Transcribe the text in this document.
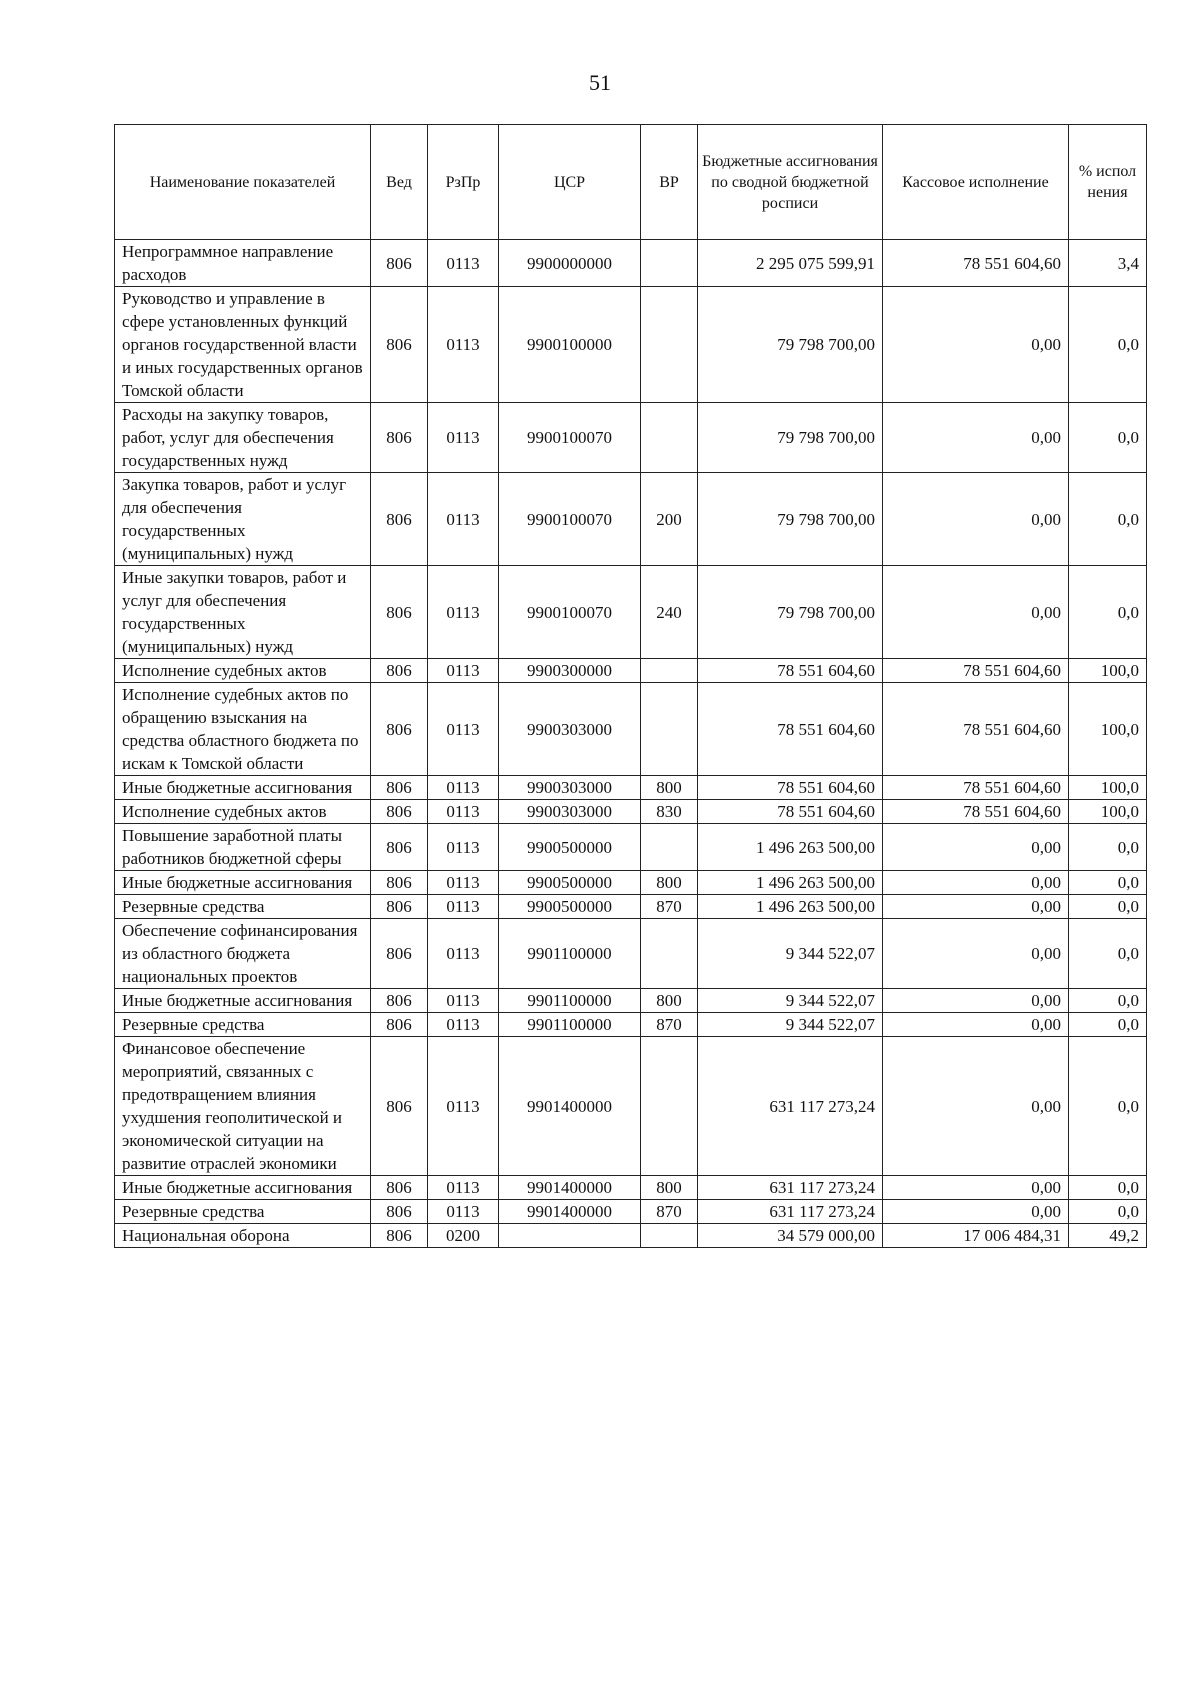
51
Наименование показателей	Вед	РзПр	ЦСР	ВР	Бюджетные ассигнования по сводной бюджетной росписи	Кассовое исполнение	% испол нения
Непрограммное направление расходов	806	0113	9900000000		2 295 075 599,91	78 551 604,60	3,4
Руководство и управление в сфере установленных функций органов государственной власти и иных государственных органов Томской области	806	0113	9900100000		79 798 700,00	0,00	0,0
Расходы на закупку товаров, работ, услуг для обеспечения государственных нужд	806	0113	9900100070		79 798 700,00	0,00	0,0
Закупка товаров, работ и услуг для обеспечения государственных (муниципальных) нужд	806	0113	9900100070	200	79 798 700,00	0,00	0,0
Иные закупки товаров, работ и услуг для обеспечения государственных (муниципальных) нужд	806	0113	9900100070	240	79 798 700,00	0,00	0,0
Исполнение судебных актов	806	0113	9900300000		78 551 604,60	78 551 604,60	100,0
Исполнение судебных актов по обращению взыскания на средства областного бюджета по искам к Томской области	806	0113	9900303000		78 551 604,60	78 551 604,60	100,0
Иные бюджетные ассигнования	806	0113	9900303000	800	78 551 604,60	78 551 604,60	100,0
Исполнение судебных актов	806	0113	9900303000	830	78 551 604,60	78 551 604,60	100,0
Повышение заработной платы работников бюджетной сферы	806	0113	9900500000		1 496 263 500,00	0,00	0,0
Иные бюджетные ассигнования	806	0113	9900500000	800	1 496 263 500,00	0,00	0,0
Резервные средства	806	0113	9900500000	870	1 496 263 500,00	0,00	0,0
Обеспечение софинансирования из областного бюджета национальных проектов	806	0113	9901100000		9 344 522,07	0,00	0,0
Иные бюджетные ассигнования	806	0113	9901100000	800	9 344 522,07	0,00	0,0
Резервные средства	806	0113	9901100000	870	9 344 522,07	0,00	0,0
Финансовое обеспечение мероприятий, связанных с предотвращением влияния ухудшения геополитической и экономической ситуации на развитие отраслей экономики	806	0113	9901400000		631 117 273,24	0,00	0,0
Иные бюджетные ассигнования	806	0113	9901400000	800	631 117 273,24	0,00	0,0
Резервные средства	806	0113	9901400000	870	631 117 273,24	0,00	0,0
Национальная оборона	806	0200			34 579 000,00	17 006 484,31	49,2
